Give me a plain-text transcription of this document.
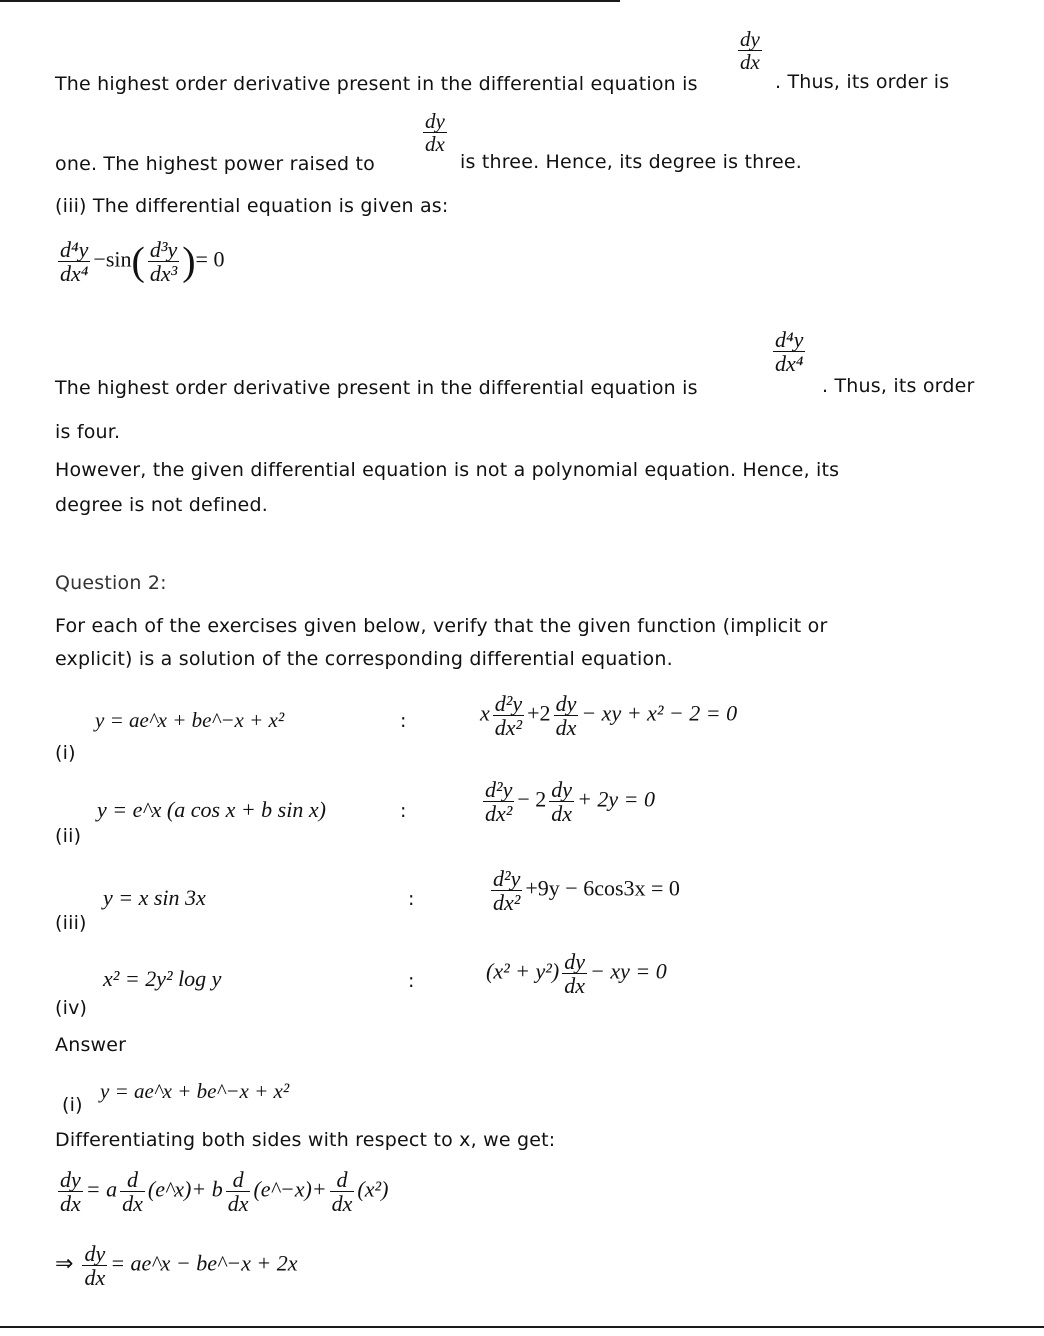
$\frac{dy}{dx}$
The highest order derivative present in the differential equation is	. Thus, its order is
$\frac{dy}{dx}$
one. The highest power raised to	is three. Hence, its degree is three.
(iii) The differential equation is given as:
$\frac{\text{d⁴y}}{\text{dx⁴}} -\sin( \frac{\text{d³y}}{\text{dx³}}$ )= 0
$\frac{\text{d⁴y}}{\text{dx⁴}}$
The highest order derivative present in the differential equation is	. Thus, its order
is four.
However, the given differential equation is not a polynomial equation. Hence, its
degree is not defined.
Question 2:
For each of the exercises given below, verify that the given function (implicit or
explicit) is a solution of the corresponding differential equation.
(i)
y = ae^x + be^−x + x²	:	x $\frac{\text{d²y}}{\text{dx²}} +2 \frac{dy}{dx}$ − xy + x² − 2 = 0
(ii)
y = e^x (a cos x + b sin x)	:	$\frac{\text{d²y}}{\text{dx²}} - 2 \frac{dy}{dx} + 2y = 0$
(iii)
y = x sin 3x	:	$\frac{\text{d²y}}{\text{dx²}} +9y - 6\cos 3x = 0$
(iv)
x² = 2y² log y	:	$(x^2 + y^2) \frac{dy}{dx}$ − xy = 0
Answer
(i)
y = ae^x + be^−x + x²
Differentiating both sides with respect to x, we get:
$\frac{dy}{dx} = a \frac{d}{dx}$ (e^x)+ b $\frac{d}{dx}$ (e^−x)+ $\frac{d}{dx} (x^2)$
⇒ $\frac{dy}{dx}$ = ae^x − be^−x + 2x
